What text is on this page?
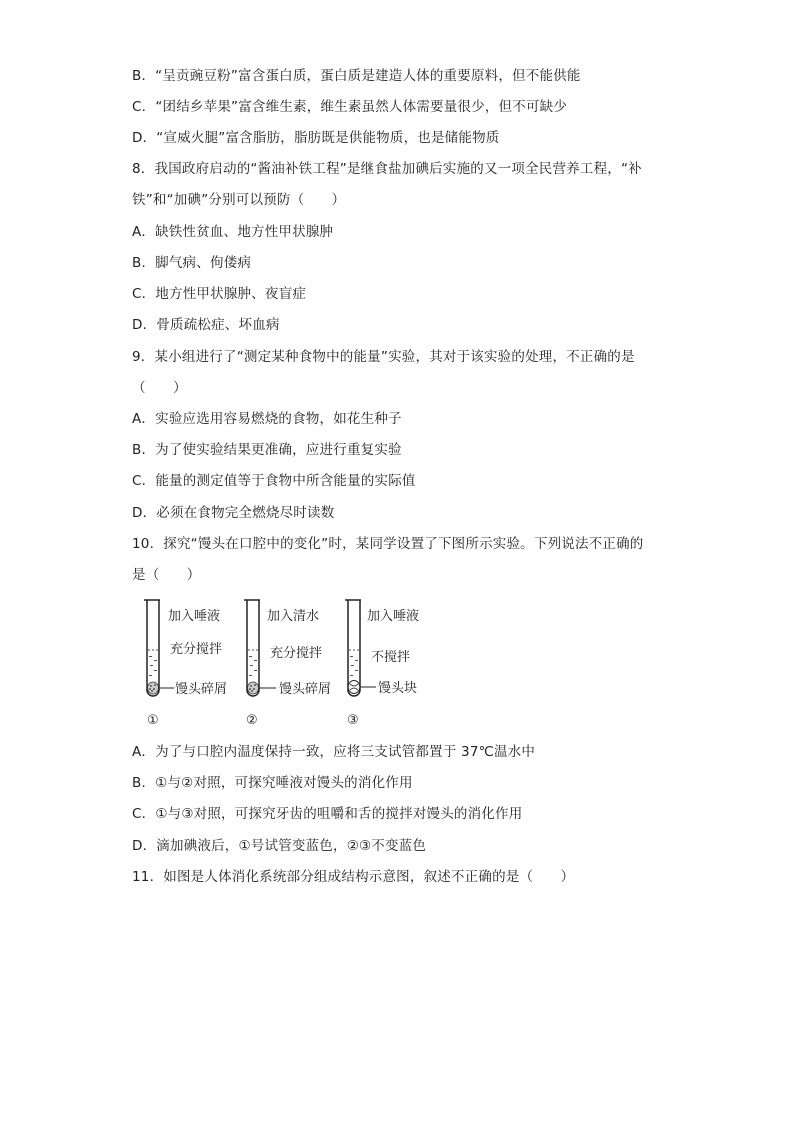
B．“呈贡豌豆粉”富含蛋白质，蛋白质是建造人体的重要原料，但不能供能
C．“团结乡苹果”富含维生素，维生素虽然人体需要量很少，但不可缺少
D．“宣威火腿”富含脂肪，脂肪既是供能物质，也是储能物质
8．我国政府启动的“酱油补铁工程”是继食盐加碘后实施的又一项全民营养工程，“补
铁”和“加碘”分别可以预防（　　）
A．缺铁性贫血、地方性甲状腺肿
B．脚气病、佝偻病
C．地方性甲状腺肿、夜盲症
D．骨质疏松症、坏血病
9．某小组进行了“测定某种食物中的能量”实验，其对于该实验的处理，不正确的是
（　　）
A．实验应选用容易燃烧的食物，如花生种子
B．为了使实验结果更准确，应进行重复实验
C．能量的测定值等于食物中所含能量的实际值
D．必须在食物完全燃烧尽时读数
10．探究“馒头在口腔中的变化”时，某同学设置了下图所示实验。下列说法不正确的
是（　　）
加入唾液
充分搅拌
馒头碎屑
①
加入清水
充分搅拌
馒头碎屑
②
加入唾液
不搅拌
馒头块
③
A．为了与口腔内温度保持一致，应将三支试管都置于 37℃温水中
B．①与②对照，可探究唾液对馒头的消化作用
C．①与③对照，可探究牙齿的咀嚼和舌的搅拌对馒头的消化作用
D．滴加碘液后，①号试管变蓝色，②③不变蓝色
11．如图是人体消化系统部分组成结构示意图，叙述不正确的是（　　）
